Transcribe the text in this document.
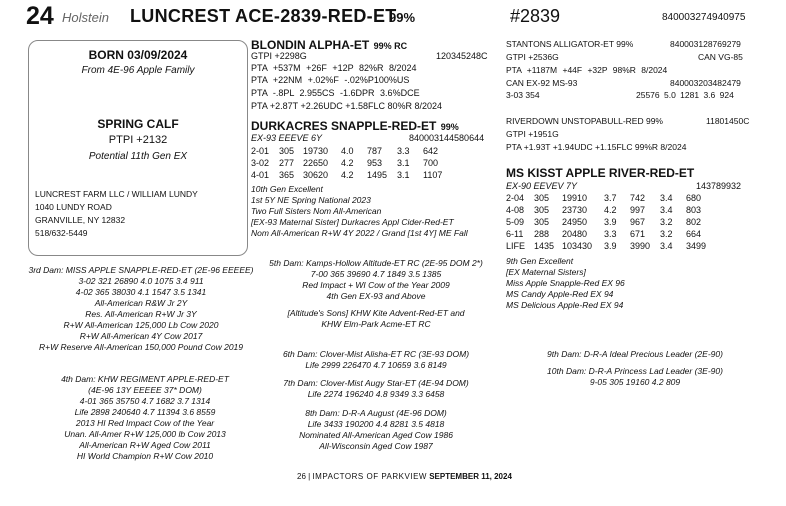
24 Holstein LUNCREST ACE-2839-RED-ET
99%	#2839	840003274940975
BORN 03/09/2024
From 4E-96 Apple Family
SPRING CALF
PTPI +2132
Potential 11th Gen EX
LUNCREST FARM LLC / WILLIAM LUNDY
1040 LUNDY ROAD
GRANVILLE, NY 12832
518/632-5449
BLONDIN ALPHA-ET 99% RC
GTPI +2298G	120345248C
PTA +537M +26F +12P 82%R 8/2024
PTA +22NM +.02%F -.02%P100%US
PTA -.8PL 2.955CS -1.6DPR 3.6%DCE
PTA +2.87T +2.26UDC +1.58FLC 80%R 8/2024
DURKACRES SNAPPLE-RED-ET 99%
EX-93 EEEVE 6Y	840003144580644
2-01	305 19730	4.0	787	3.3	642
3-02	277 22650	4.2	953	3.1	700
4-01	365 30620	4.2	1495	3.1	1107
10th Gen Excellent
1st 5Y NE Spring National 2023
Two Full Sisters Nom All-American
[EX-93 Maternal Sister] Durkacres Appl Cider-Red-ET
Nom All-American R+W 4Y 2022 / Grand [1st 4Y] ME Fall
STANTONS ALLIGATOR-ET 99%	840003128769279
GTPI +2536G	CAN VG-85
PTA +1187M +44F +32P 98%R 8/2024
CAN EX-92 MS-93	840003203482479
3-03 354	25576 5.0 1281 3.6 924
RIVERDOWN UNSTOPABULL-RED 99%	11801450C
GTPI +1951G
PTA +1.93T +1.94UDC +1.15FLC 99%R 8/2024
MS KISST APPLE RIVER-RED-ET
EX-90 EEVEV 7Y	143789932
2-04	305	19910	3.7	742	3.4	680
4-08	305	23730	4.2	997	3.4	803
5-09	305	24950	3.9	967	3.2	802
6-11	288	20480	3.3	671	3.2	664
LIFE 1435 103430	3.9	3990	3.4	3499
9th Gen Excellent
[EX Maternal Sisters]
Miss Apple Snapple-Red EX 96
MS Candy Apple-Red EX 94
MS Delicious Apple-Red EX 94
3rd Dam: MISS APPLE SNAPPLE-RED-ET (2E-96 EEEEE)
3-02 321 26890 4.0 1075 3.4 911
4-02 365 38030 4.1 1547 3.5 1341
All-American R&W Jr 2Y
Res. All-American R+W Jr 3Y
R+W All-American 125,000 Lb Cow 2020
R+W All-American 4Y Cow 2017
R+W Reserve All-American 150,000 Pound Cow 2019
4th Dam: KHW REGIMENT APPLE-RED-ET
(4E-96 13Y EEEEE 37* DOM)
4-01 365 35750 4.7 1682 3.7 1314
Life 2898 240640 4.7 11394 3.6 8559
2013 HI Red Impact Cow of the Year
Unan. All-Amer R+W 125,000 lb Cow 2013
All-American R+W Aged Cow 2011
HI World Champion R+W Cow 2010
5th Dam: Kamps-Hollow Altitude-ET RC (2E-95 DOM 2*)
7-00 365 39690 4.7 1849 3.5 1385
Red Impact + WI Cow of the Year 2009
4th Gen EX-93 and Above
[Altitude's Sons] KHW Kite Advent-Red-ET and
KHW Elm-Park Acme-ET RC
6th Dam: Clover-Mist Alisha-ET RC (3E-93 DOM)
Life 2999 226470 4.7 10659 3.6 8149
7th Dam: Clover-Mist Augy Star-ET (4E-94 DOM)
Life 2274 196240 4.8 9349 3.3 6458
8th Dam: D-R-A August (4E-96 DOM)
Life 3433 190200 4.4 8281 3.5 4818
Nominated All-American Aged Cow 1986
All-Wisconsin Aged Cow 1987
9th Dam: D-R-A Ideal Precious Leader (2E-90)
10th Dam: D-R-A Princess Lad Leader (3E-90)
9-05 305 19160 4.2 809
26 | IMPACTORS OF PARKVIEW SEPTEMBER 11, 2024
